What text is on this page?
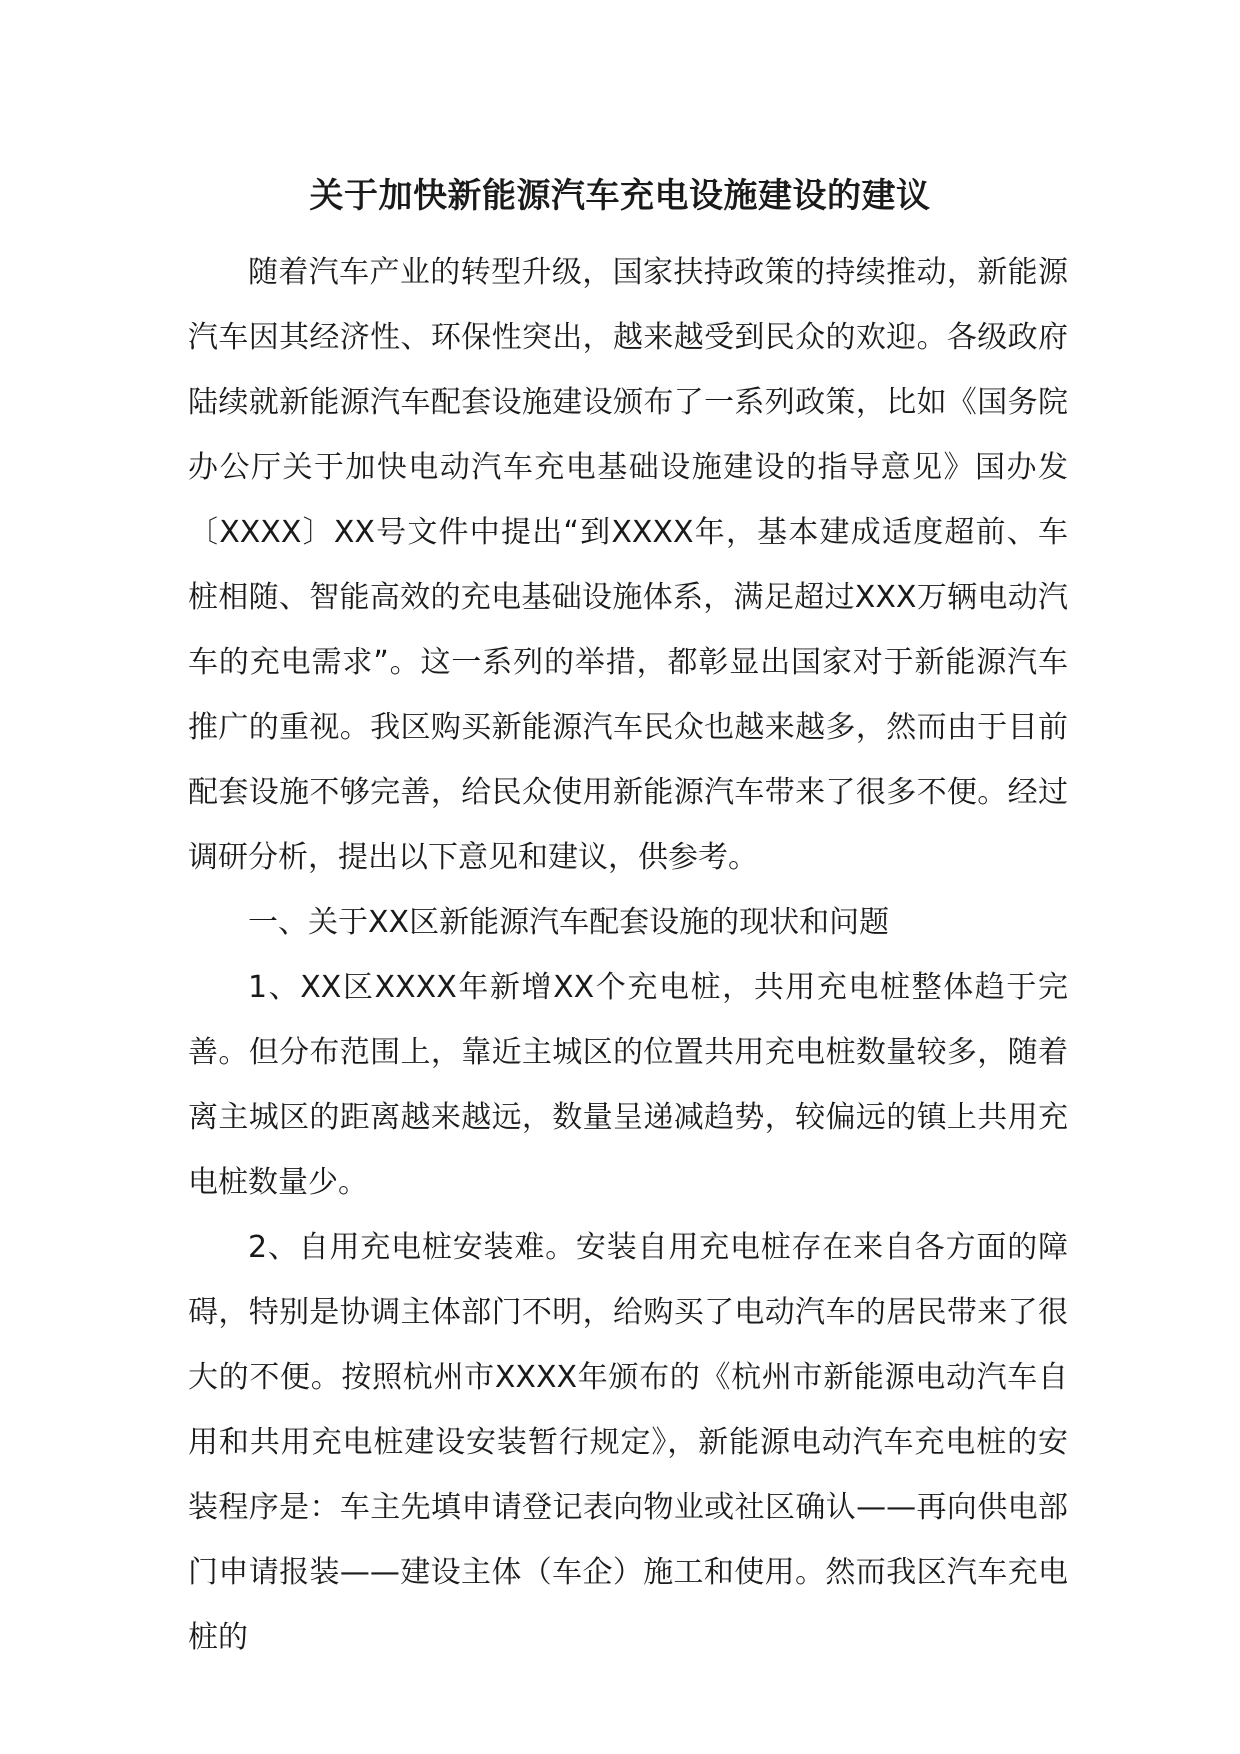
关于加快新能源汽车充电设施建设的建议

随着汽车产业的转型升级，国家扶持政策的持续推动，新能源汽车因其经济性、环保性突出，越来越受到民众的欢迎。各级政府陆续就新能源汽车配套设施建设颁布了一系列政策，比如《国务院办公厅关于加快电动汽车充电基础设施建设的指导意见》国办发〔XXXX〕XX号文件中提出“到XXXX年，基本建成适度超前、车桩相随、智能高效的充电基础设施体系，满足超过XXX万辆电动汽车的充电需求”。这一系列的举措，都彰显出国家对于新能源汽车推广的重视。我区购买新能源汽车民众也越来越多，然而由于目前配套设施不够完善，给民众使用新能源汽车带来了很多不便。经过调研分析，提出以下意见和建议，供参考。

一、关于XX区新能源汽车配套设施的现状和问题

1、XX区XXXX年新增XX个充电桩，共用充电桩整体趋于完善。但分布范围上，靠近主城区的位置共用充电桩数量较多，随着离主城区的距离越来越远，数量呈递减趋势，较偏远的镇上共用充电桩数量少。

2、自用充电桩安装难。安装自用充电桩存在来自各方面的障碍，特别是协调主体部门不明，给购买了电动汽车的居民带来了很大的不便。按照杭州市XXXX年颁布的《杭州市新能源电动汽车自用和共用充电桩建设安装暂行规定》，新能源电动汽车充电桩的安装程序是：车主先填申请登记表向物业或社区确认——再向供电部门申请报装——建设主体（车企）施工和使用。然而我区汽车充电桩的
